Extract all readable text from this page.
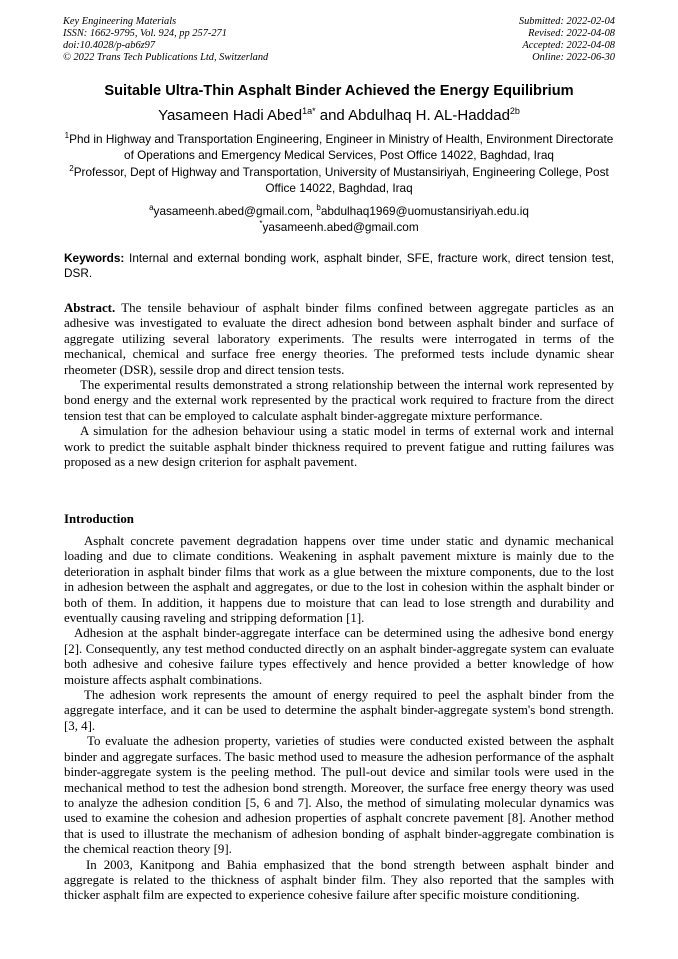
Key Engineering Materials
ISSN: 1662-9795, Vol. 924, pp 257-271
doi:10.4028/p-ab6z97
© 2022 Trans Tech Publications Ltd, Switzerland
Submitted: 2022-02-04
Revised: 2022-04-08
Accepted: 2022-04-08
Online: 2022-06-30
Suitable Ultra-Thin Asphalt Binder Achieved the Energy Equilibrium
Yasameen Hadi Abed$^{1a*}$ and Abdulhaq H. AL-Haddad$^{2b}$
$^1$Phd in Highway and Transportation Engineering, Engineer in Ministry of Health, Environment Directorate of Operations and Emergency Medical Services, Post Office 14022, Baghdad, Iraq
$^2$Professor, Dept of Highway and Transportation, University of Mustansiriyah, Engineering College, Post Office 14022, Baghdad, Iraq
$^a$yasameenh.abed@gmail.com, $^b$abdulhaq1969@uomustansiriyah.edu.iq
*yasameenh.abed@gmail.com
Keywords: Internal and external bonding work, asphalt binder, SFE, fracture work, direct tension test, DSR.

Abstract. The tensile behaviour of asphalt binder films confined between aggregate particles as an adhesive was investigated to evaluate the direct adhesion bond between asphalt binder and surface of aggregate utilizing several laboratory experiments. The results were interrogated in terms of the mechanical, chemical and surface free energy theories. The preformed tests include dynamic shear rheometer (DSR), sessile drop and direct tension tests.

The experimental results demonstrated a strong relationship between the internal work represented by bond energy and the external work represented by the practical work required to fracture from the direct tension test that can be employed to calculate asphalt binder-aggregate mixture performance.

A simulation for the adhesion behaviour using a static model in terms of external work and internal work to predict the suitable asphalt binder thickness required to prevent fatigue and rutting failures was proposed as a new design criterion for asphalt pavement.

Introduction

Asphalt concrete pavement degradation happens over time under static and dynamic mechanical loading and due to climate conditions. Weakening in asphalt pavement mixture is mainly due to the deterioration in asphalt binder films that work as a glue between the mixture components, due to the lost in adhesion between the asphalt and aggregates, or due to the lost in cohesion within the asphalt binder or both of them. In addition, it happens due to moisture that can lead to lose strength and durability and eventually causing raveling and stripping deformation [1].

Adhesion at the asphalt binder-aggregate interface can be determined using the adhesive bond energy [2]. Consequently, any test method conducted directly on an asphalt binder-aggregate system can evaluate both adhesive and cohesive failure types effectively and hence provided a better knowledge of how moisture affects asphalt combinations.

The adhesion work represents the amount of energy required to peel the asphalt binder from the aggregate interface, and it can be used to determine the asphalt binder-aggregate system's bond strength. [3, 4].

To evaluate the adhesion property, varieties of studies were conducted existed between the asphalt binder and aggregate surfaces. The basic method used to measure the adhesion performance of the asphalt binder-aggregate system is the peeling method. The pull-out device and similar tools were used in the mechanical method to test the adhesion bond strength. Moreover, the surface free energy theory was used to analyze the adhesion condition [5, 6 and 7]. Also, the method of simulating molecular dynamics was used to examine the cohesion and adhesion properties of asphalt concrete pavement [8]. Another method that is used to illustrate the mechanism of adhesion bonding of asphalt binder-aggregate combination is the chemical reaction theory [9].

In 2003, Kanitpong and Bahia emphasized that the bond strength between asphalt binder and aggregate is related to the thickness of asphalt binder film. They also reported that the samples with thicker asphalt film are expected to experience cohesive failure after specific moisture conditioning.
